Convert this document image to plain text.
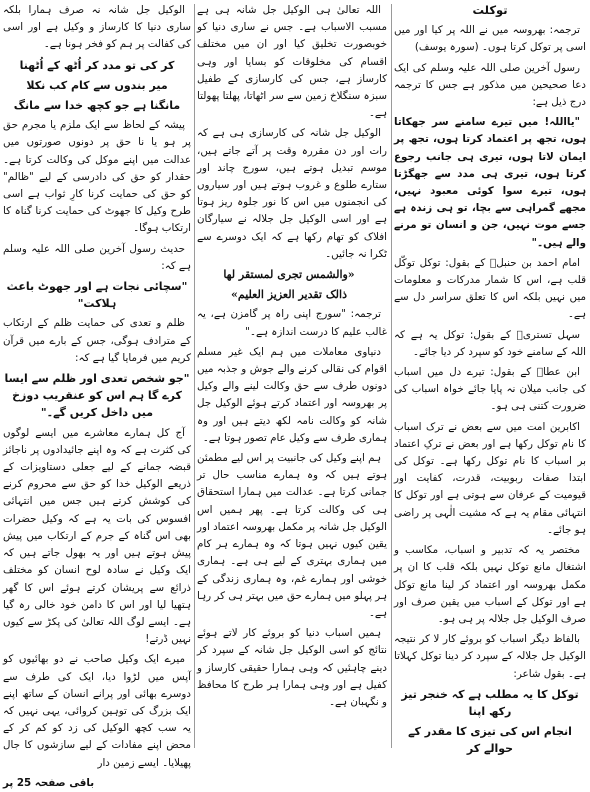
توکلت

ترجمہ: بھروسہ میں نے اللہ پر کیا اور میں اسی پر توکل کرتا ہوں۔ (سورہ یوسف)

رسول آخرین صلی اللہ علیہ وسلم کی ایک دعا صحیحین میں مذکور ہے جس کا ترجمہ درج ذیل ہے:

"یااللہ! میں تیرے سامنے سر جھکاتا ہوں، تجھ پر اعتماد کرتا ہوں، تجھ پر ایمان لاتا ہوں، تیری ہی جانب رجوع کرتا ہوں، تیری ہی مدد سے جھگڑتا ہوں، تیرے سوا کوئی معبود نہیں، مجھے گمراہی سے بچا، تو ہی زندہ ہے جسے موت نہیں، جن و انسان تو مرنے والے ہیں۔"

امام احمد بن حنبلؒ کے بقول: توکل توکّل قلب ہے، اس کا شمار مدرکات و معلومات میں نہیں بلکہ اس کا تعلق سراسر دل سے ہے۔

سہل تستریؒ کے بقول: توکل یہ ہے کہ اللہ کے سامنے خود کو سپرد کر دیا جائے۔

ابن عطاؒ کے بقول: تیرے دل میں اسباب کی جانب میلان نہ پایا جائے خواہ اسباب کی ضرورت کتنی ہی ہو۔

اکابرین امت میں سے بعض نے ترک اسباب کا نام توکل رکھا ہے اور بعض نے ترکِ اعتماد بر اسباب کا نام توکل رکھا ہے۔ توکل کی ابتدا صفات ربوبیت، قدرت، کفایت اور قیومیت کے عرفان سے ہوتی ہے اور توکل کا انتہائی مقام یہ ہے کہ مشیت الٰہی پر راضی ہو جائے۔

مختصر یہ کہ تدبیر و اسباب، مکاسب و اشتغال مانع توکل نہیں بلکہ قلب کا ان پر مکمل بھروسہ اور اعتماد کر لینا مانع توکل ہے اور توکل کے اسباب میں یقین صرف اور صرف الوکیل جل جلالہ پر ہی ہو۔

بالفاظ دیگر اسباب کو بروئے کار لا کر نتیجہ الوکیل جل جلالہ کے سپرد کر دینا توکل کہلاتا ہے۔ بقول شاعر:

توکل کا یہ مطلب ہے کہ خنجر تیز رکھ اپنا

انجام اس کی تیزی کا مقدر کے حوالے کر

اللہ تعالیٰ ہی الوکیل جل شانہ ہی ہے مسبب الاسباب ہے۔ جس نے ساری دنیا کو خوبصورت تخلیق کیا اور ان میں مختلف اقسام کی مخلوقات کو بسایا اور وہی کارساز ہے، جس کی کارسازی کے طفیل سبزہ سنگلاخ زمین سے سر اٹھاتا، پھلتا پھولتا ہے۔

الوکیل جل شانہ کی کارسازی ہی ہے کہ رات اور دن مقررہ وقت پر آتے جاتے ہیں، موسم تبدیل ہوتے ہیں، سورج چاند اور ستارے طلوع و غروب ہوتے ہیں اور سیاروں کی انجمنوں میں اس کا نور جلوہ ریز ہوتا ہے اور اسی الوکیل جل جلالہ نے سیارگان افلاک کو تھام رکھا ہے کہ ایک دوسرے سے ٹکرا نہ جائیں۔

«والشمس تجری لمستقر لها

ذالک تقدیر العزیز العلیم»

ترجمہ: "سورج اپنی راہ پر گامزن ہے، یہ غالب علیم کا درست اندازہ ہے۔"

دنیاوی معاملات میں ہم ایک غیر مسلم اقوام کی نقالی کرنے والے جوش و جذبہ میں دونوں طرف سے حق وکالت لینے والے وکیل پر بھروسہ اور اعتماد کرتے ہوئے الوکیل جل شانہ کو وکالت نامہ لکھ دیتے ہیں اور وہ ہماری طرف سے وکیل عام تصور ہوتا ہے۔

ہم اپنے وکیل کی جانبیت پر اس لیے مطمئن ہوتے ہیں کہ وہ ہمارے مناسب حال تر جمانی کرتا ہے۔ عدالت میں ہمارا استحقاق ہی کی وکالت کرتا ہے۔ پھر ہمیں اس الوکیل جل شانہ پر مکمل بھروسہ اعتماد اور یقین کیوں نہیں ہوتا کہ وہ ہمارے ہر کام میں ہماری بہتری کے لیے ہی ہے۔ ہماری خوشی اور ہمارے غم، وہ ہماری زندگی کے ہر پہلو میں ہمارے حق میں بہتر ہی کر رہا ہے۔

ہمیں اسباب دنیا کو بروئے کار لاتے ہوئے نتائج کو اسی الوکیل جل شانہ کے سپرد کر دینے چاہئیں کہ وہی ہمارا حقیقی کارساز و کفیل ہے اور وہی ہمارا ہر طرح کا محافظ و نگہبان ہے۔

الوکیل جل شانہ نہ صرف ہمارا بلکہ ساری دنیا کا کارساز و وکیل ہے اور اسی کی کفالت پر ہم کو فخر ہونا ہے۔

کر کی تو مدد کر اُٹھ کے اُٹھنا

میر بندوں سے کام کب نکلا

مانگنا ہے جو کچھ خدا سے مانگ

پیشہ کے لحاظ سے ایک ملزم یا مجرم حق پر ہو یا نا حق پر دونوں صورتوں میں عدالت میں اپنے موکل کی وکالت کرتا ہے۔ حقدار کو حق کی دادرسی کے لیے "ظالم" کو حق کی حمایت کرنا کارِ ثواب ہے اسی طرح وکیل کا جھوٹ کی حمایت کرنا گناہ کا ارتکاب ہوگا۔

حدیث رسول آخرین صلی اللہ علیہ وسلم ہے کہ:

"سچائی نجات ہے اور جھوٹ باعث ہلاکت"

ظلم و تعدی کی حمایت ظلم کے ارتکاب کے مترادف ہوگی، جس کے بارے میں قرآن کریم میں فرمایا گیا ہے کہ:

"جو شخص تعدی اور ظلم سے ایسا کرے گا ہم اس کو عنقریب دوزخ میں داخل کریں گے۔"

آج کل ہمارے معاشرے میں ایسے لوگوں کی کثرت ہے کہ وہ اپنے جائیدادوں پر ناجائز قبضہ جمانے کے لیے جعلی دستاویزات کے ذریعے الوکیل خدا کو حق سے محروم کرنے کی کوشش کرتے ہیں جس میں انتہائی افسوس کی بات یہ ہے کہ وکیل حضرات بھی اس گناہ کے جرم کے ارتکاب میں پیش پیش ہوتے ہیں اور یہ بھول جاتے ہیں کہ ایک وکیل نے سادہ لوح انسان کو مختلف ذرائع سے پریشان کرتے ہوئے اس کا گھر ہتھیا لیا اور اس کا دامن خود خالی رہ گیا ہے۔ ایسے لوگ اللہ تعالیٰ کی پکڑ سے کیوں نہیں ڈرتے!

میرے ایک وکیل صاحب نے دو بھائیوں کو آپس میں لڑوا دیا، ایک کی طرف سے دوسرے بھائی اور پرانے انسان کے ساتھ اپنے ایک بزرگ کی توہین کروائی، یہی نہیں کہ یہ سب کچھ الوکیل کی زد کو کم کر کے محض اپنے مفادات کے لیے سازشوں کا جال پھیلایا۔ ایسے زمین دار

باقی صفحہ 25 پر
